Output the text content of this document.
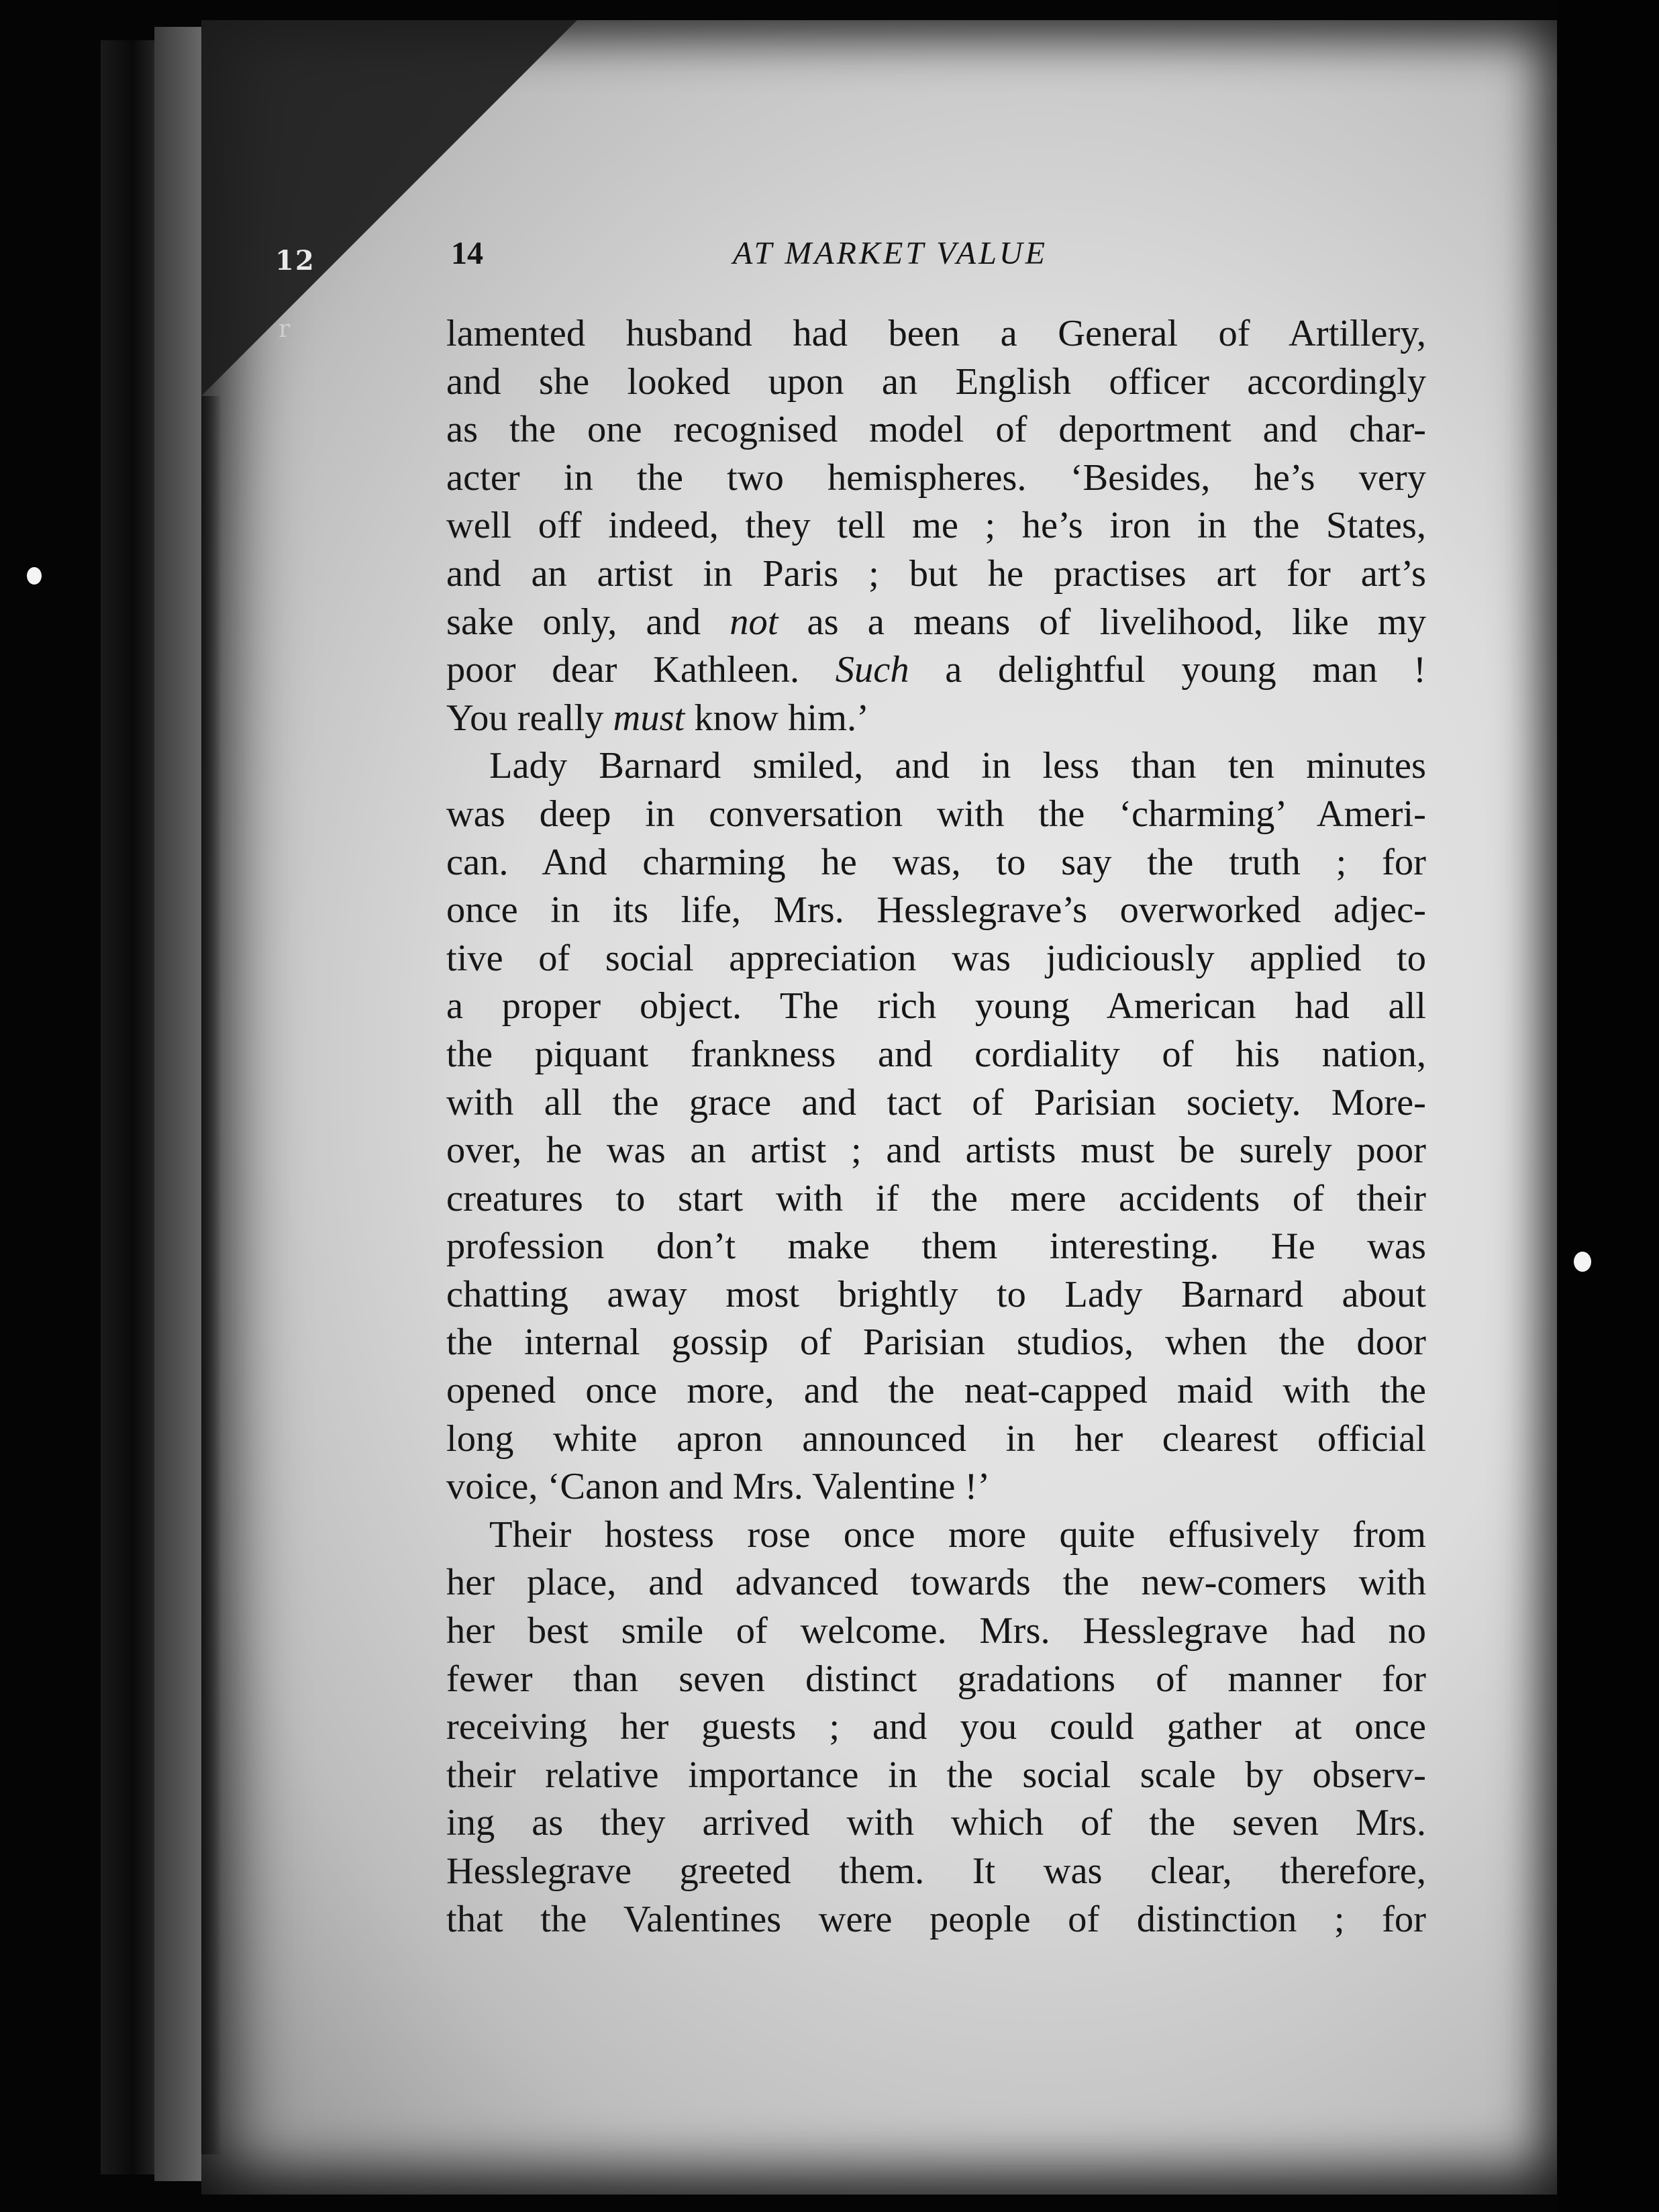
12
r
14	AT MARKET VALUE
lamented husband had been a General of Artillery,
and she looked upon an English officer accordingly
as the one recognised model of deportment and char-
acter in the two hemispheres. ‘Besides, he’s very
well off indeed, they tell me ; he’s iron in the States,
and an artist in Paris ; but he practises art for art’s
sake only, and not as a means of livelihood, like my
poor dear Kathleen. Such a delightful young man !
You really must know him.’
Lady Barnard smiled, and in less than ten minutes
was deep in conversation with the ‘charming’ Ameri-
can. And charming he was, to say the truth ; for
once in its life, Mrs. Hesslegrave’s overworked adjec-
tive of social appreciation was judiciously applied to
a proper object. The rich young American had all
the piquant frankness and cordiality of his nation,
with all the grace and tact of Parisian society. More-
over, he was an artist ; and artists must be surely poor
creatures to start with if the mere accidents of their
profession don’t make them interesting. He was
chatting away most brightly to Lady Barnard about
the internal gossip of Parisian studios, when the door
opened once more, and the neat-capped maid with the
long white apron announced in her clearest official
voice, ‘Canon and Mrs. Valentine !’
Their hostess rose once more quite effusively from
her place, and advanced towards the new-comers with
her best smile of welcome. Mrs. Hesslegrave had no
fewer than seven distinct gradations of manner for
receiving her guests ; and you could gather at once
their relative importance in the social scale by observ-
ing as they arrived with which of the seven Mrs.
Hesslegrave greeted them. It was clear, therefore,
that the Valentines were people of distinction ; for
